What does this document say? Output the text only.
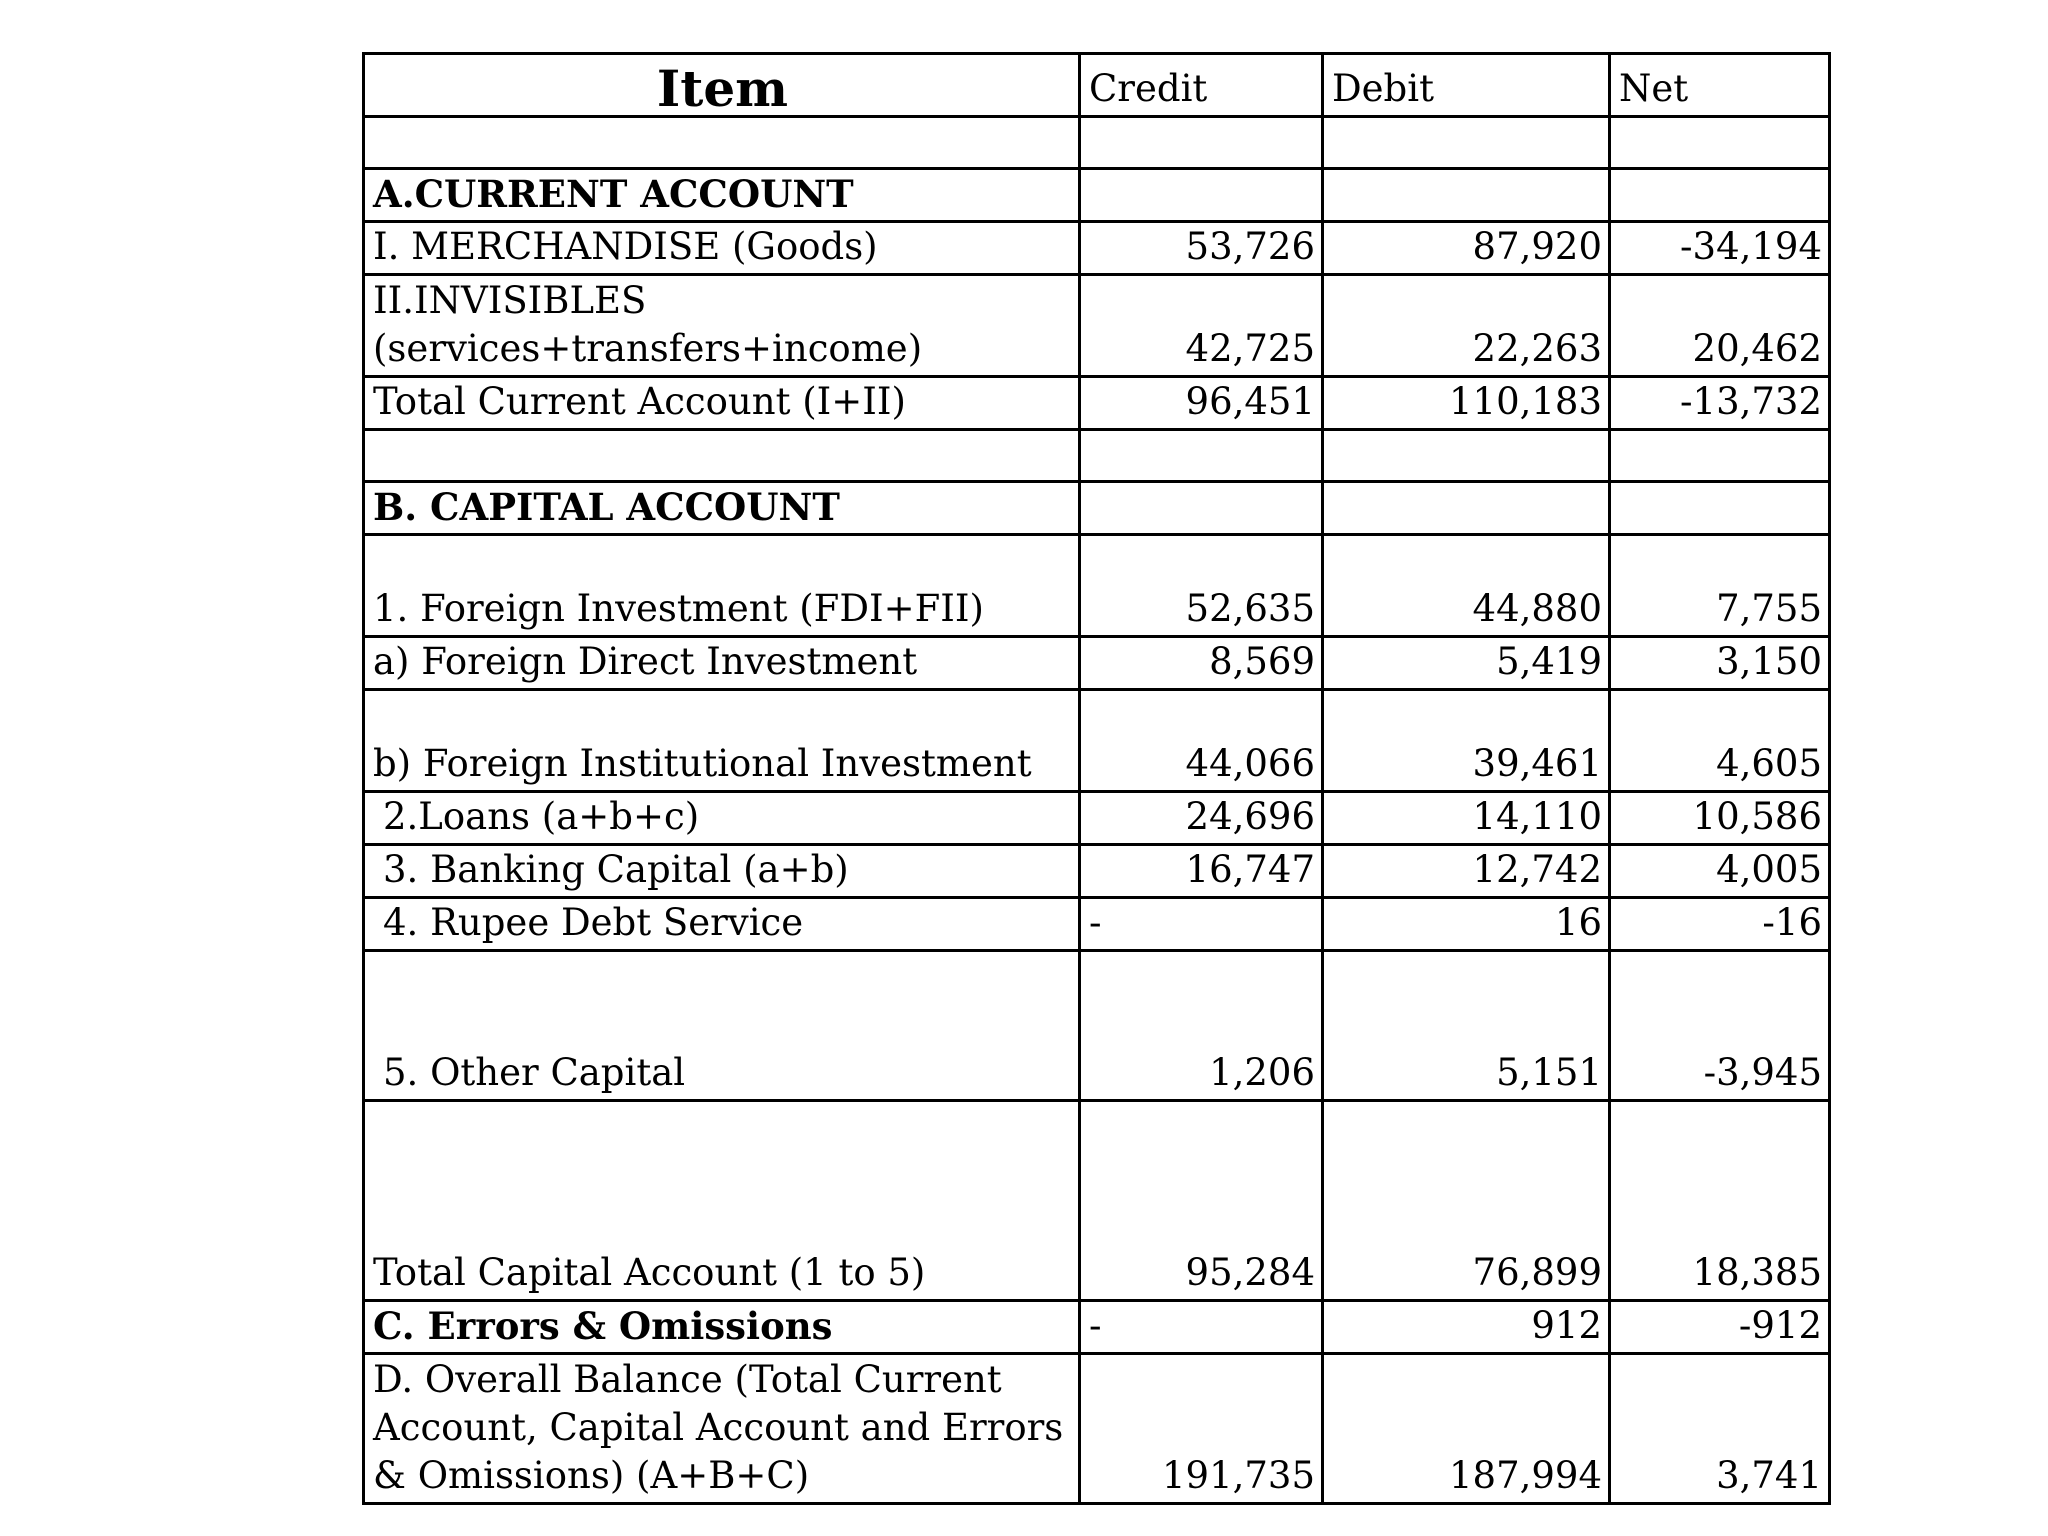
Item	Credit	Debit	Net

A.CURRENT ACCOUNT			
I. MERCHANDISE (Goods)	53,726	87,920	-34,194
II.INVISIBLES (services+transfers+income)	42,725	22,263	20,462
Total Current Account (I+II)	96,451	110,183	-13,732

B. CAPITAL ACCOUNT			
1. Foreign Investment (FDI+FII)	52,635	44,880	7,755
a) Foreign Direct Investment	8,569	5,419	3,150
b) Foreign Institutional Investment	44,066	39,461	4,605
2.Loans (a+b+c)	24,696	14,110	10,586
3. Banking Capital (a+b)	16,747	12,742	4,005
4. Rupee Debt Service	-	16	-16
5. Other Capital	1,206	5,151	-3,945
Total Capital Account (1 to 5)	95,284	76,899	18,385
C. Errors & Omissions	-	912	-912
D. Overall Balance (Total Current Account, Capital Account and Errors & Omissions) (A+B+C)	191,735	187,994	3,741
